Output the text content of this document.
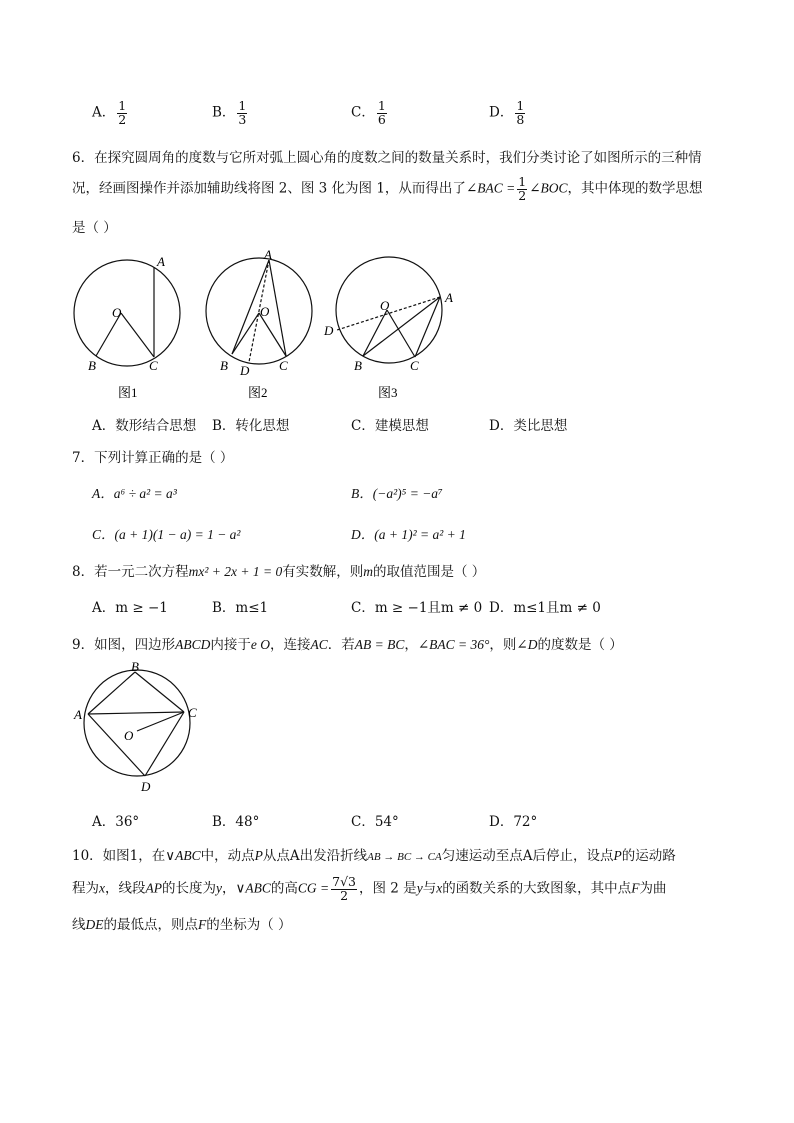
A． $\frac{1}{2}$	B． $\frac{1}{3}$	C． $\frac{1}{6}$	D． $\frac{1}{8}$
6．在探究圆周角的度数与它所对弧上圆心角的度数之间的数量关系时，我们分类讨论了如图所示的三种情
况，经画图操作并添加辅助线将图 2、图 3 化为图 1，从而得出了∠BAC = $\frac{1}{2}$ ∠BOC，其中体现的数学思想
是（ ）
A
O
B	C
图1
A
O
B D C
图2
A
O
D
B	C
图3
A．数形结合思想 B．转化思想	C．建模思想	D．类比思想
7．下列计算正确的是（ ）
A．a⁶ ÷ a² = a³	B．(−a²)⁵ = −a⁷
C．(a + 1)(1 − a) = 1 − a²	D．(a + 1)² = a² + 1
8．若一元二次方程mx² + 2x + 1 = 0有实数解，则m的取值范围是（ ）
A．m ≥ −1	B．m≤1	C．m ≥ −1且m ≠ 0 D．m≤1且m ≠ 0
9．如图，四边形ABCD内接于e O，连接AC．若AB = BC，∠BAC = 36°，则∠D的度数是（ ）
B
A	C
O
D
A．36°	B．48°	C．54°	D．72°
10．如图1，在∨ABC中，动点P从点A出发沿折线AB → BC → CA匀速运动至点A后停止，设点P的运动路
程为x，线段AP的长度为y，∨ABC的高CG = $\frac{7√3}{2}$ ，图 2 是y与x的函数关系的大致图象，其中点F为曲
线DE的最低点，则点F的坐标为（ ）
